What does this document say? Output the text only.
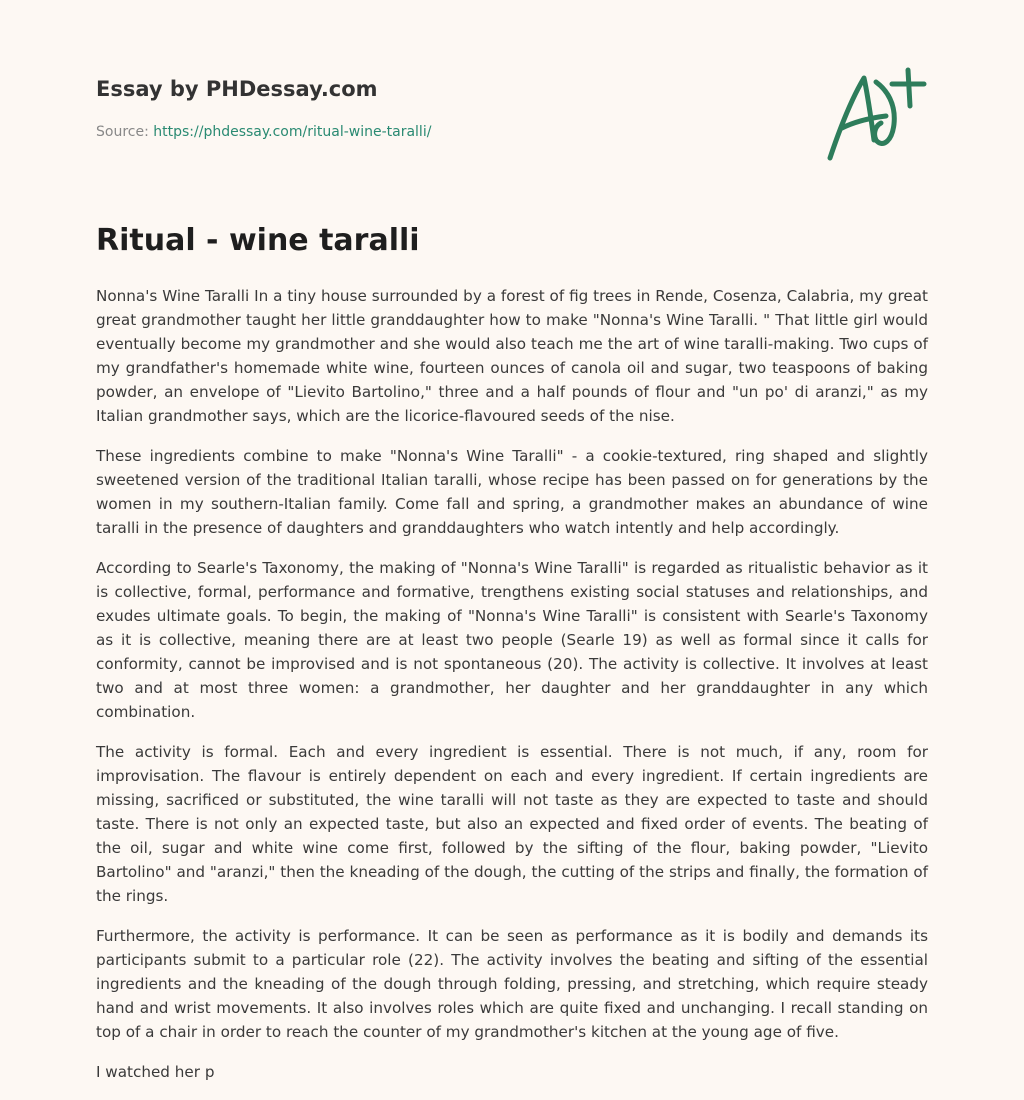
Essay by PHDessay.com
Source: https://phdessay.com/ritual-wine-taralli/
Ritual - wine taralli

Nonna's Wine Taralli In a tiny house surrounded by a forest of fig trees in Rende, Cosenza, Calabria, my great great grandmother taught her little granddaughter how to make "Nonna's Wine Taralli. " That little girl would eventually become my grandmother and she would also teach me the art of wine taralli-making. Two cups of my grandfather's homemade white wine, fourteen ounces of canola oil and sugar, two teaspoons of baking powder, an envelope of "Lievito Bartolino," three and a half pounds of flour and "un po' di aranzi," as my Italian grandmother says, which are the licorice-flavoured seeds of the nise.

These ingredients combine to make "Nonna's Wine Taralli" - a cookie-textured, ring shaped and slightly sweetened version of the traditional Italian taralli, whose recipe has been passed on for generations by the women in my southern-Italian family. Come fall and spring, a grandmother makes an abundance of wine taralli in the presence of daughters and granddaughters who watch intently and help accordingly.

According to Searle's Taxonomy, the making of "Nonna's Wine Taralli" is regarded as ritualistic behavior as it is collective, formal, performance and formative, trengthens existing social statuses and relationships, and exudes ultimate goals. To begin, the making of "Nonna's Wine Taralli" is consistent with Searle's Taxonomy as it is collective, meaning there are at least two people (Searle 19) as well as formal since it calls for conformity, cannot be improvised and is not spontaneous (20). The activity is collective. It involves at least two and at most three women: a grandmother, her daughter and her granddaughter in any which combination.

The activity is formal. Each and every ingredient is essential. There is not much, if any, room for improvisation. The flavour is entirely dependent on each and every ingredient. If certain ingredients are missing, sacrificed or substituted, the wine taralli will not taste as they are expected to taste and should taste. There is not only an expected taste, but also an expected and fixed order of events. The beating of the oil, sugar and white wine come first, followed by the sifting of the flour, baking powder, "Lievito Bartolino" and "aranzi," then the kneading of the dough, the cutting of the strips and finally, the formation of the rings.

Furthermore, the activity is performance. It can be seen as performance as it is bodily and demands its participants submit to a particular role (22). The activity involves the beating and sifting of the essential ingredients and the kneading of the dough through folding, pressing, and stretching, which require steady hand and wrist movements. It also involves roles which are quite fixed and unchanging. I recall standing on top of a chair in order to reach the counter of my grandmother's kitchen at the young age of five.

I watched her p
